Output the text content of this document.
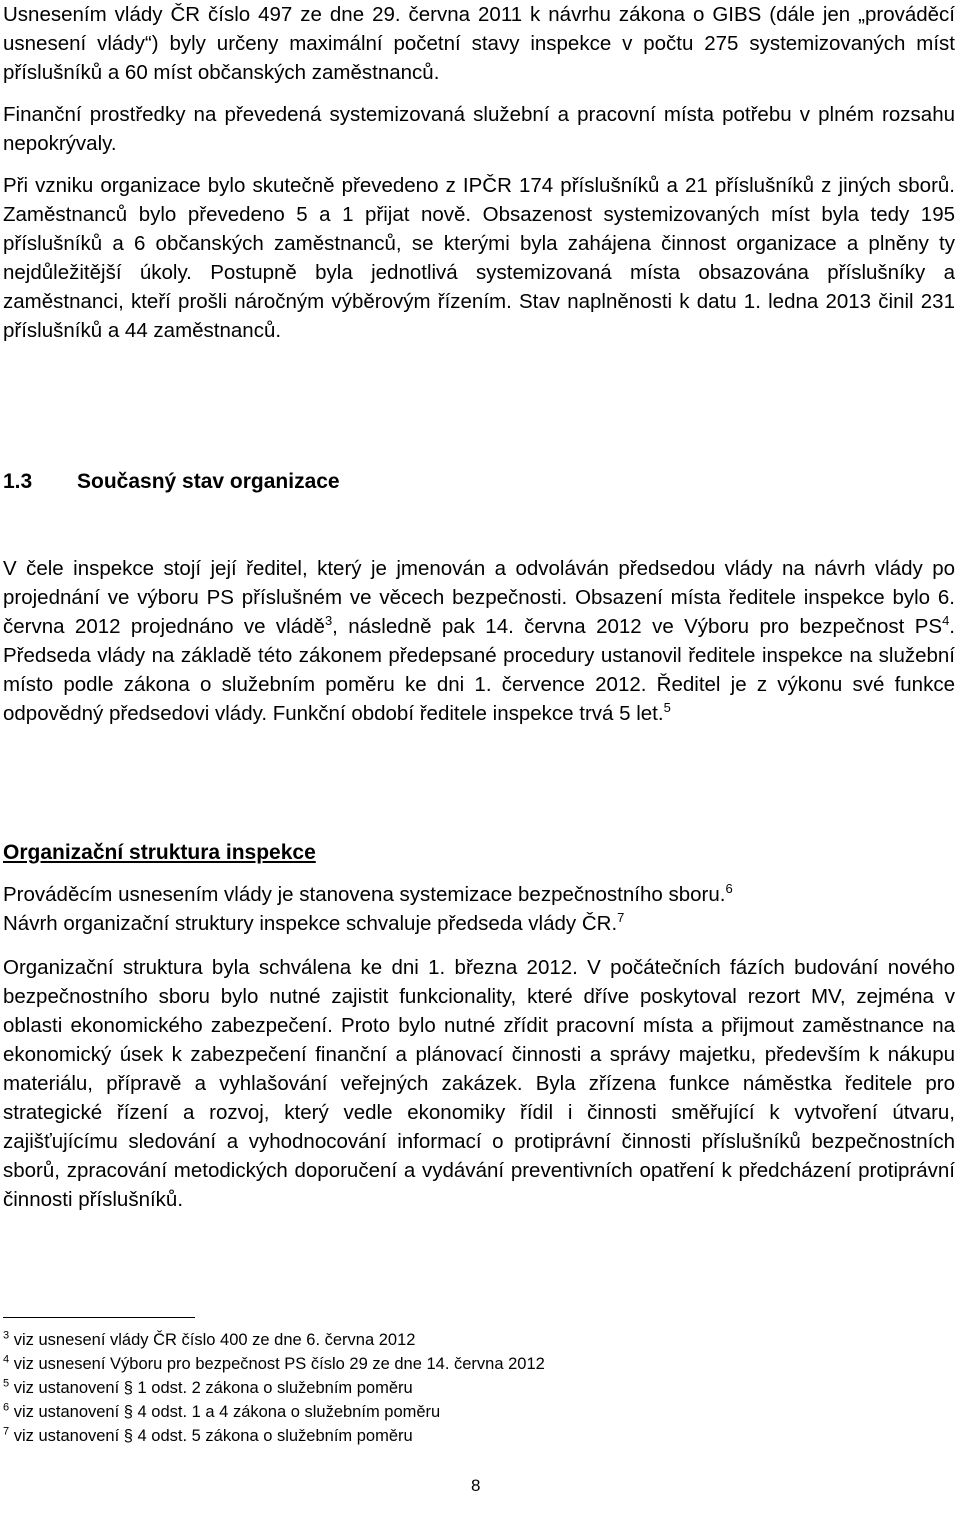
Usnesením vlády ČR číslo 497 ze dne 29. června 2011 k návrhu zákona o GIBS (dále jen „prováděcí usnesení vlády“) byly určeny maximální početní stavy inspekce v počtu 275 systemizovaných míst příslušníků a 60 míst občanských zaměstnanců.

Finanční prostředky na převedená systemizovaná služební a pracovní místa potřebu v plném rozsahu nepokrývaly.

Při vzniku organizace bylo skutečně převedeno z IPČR 174 příslušníků a 21 příslušníků z jiných sborů. Zaměstnanců bylo převedeno 5 a 1 přijat nově. Obsazenost systemizovaných míst byla tedy 195 příslušníků a 6 občanských zaměstnanců, se kterými byla zahájena činnost organizace a plněny ty nejdůležitější úkoly. Postupně byla jednotlivá systemizovaná místa obsazována příslušníky a zaměstnanci, kteří prošli náročným výběrovým řízením. Stav naplněnosti k datu 1. ledna 2013 činil 231 příslušníků a 44 zaměstnanců.

1.3 Současný stav organizace

V čele inspekce stojí její ředitel, který je jmenován a odvoláván předsedou vlády na návrh vlády po projednání ve výboru PS příslušném ve věcech bezpečnosti. Obsazení místa ředitele inspekce bylo 6. června 2012 projednáno ve vládě$^3$, následně pak 14. června 2012 ve Výboru pro bezpečnost $PS^4$. Předseda vlády na základě této zákonem předepsané procedury ustanovil ředitele inspekce na služební místo podle zákona o služebním poměru ke dni 1. července 2012. Ředitel je z výkonu své funkce odpovědný předsedovi vlády. Funkční období ředitele inspekce trvá 5 let.$^5$

Organizační struktura inspekce

Prováděcím usnesením vlády je stanovena systemizace bezpečnostního sboru.$^6$
Návrh organizační struktury inspekce schvaluje předseda vlády ČR.$^7$

Organizační struktura byla schválena ke dni 1. března 2012. V počátečních fázích budování nového bezpečnostního sboru bylo nutné zajistit funkcionality, které dříve poskytoval rezort MV, zejména v oblasti ekonomického zabezpečení. Proto bylo nutné zřídit pracovní místa a přijmout zaměstnance na ekonomický úsek k zabezpečení finanční a plánovací činnosti a správy majetku, především k nákupu materiálu, přípravě a vyhlašování veřejných zakázek. Byla zřízena funkce náměstka ředitele pro strategické řízení a rozvoj, který vedle ekonomiky řídil i činnosti směřující k vytvoření útvaru, zajišťujícímu sledování a vyhodnocování informací o protiprávní činnosti příslušníků bezpečnostních sborů, zpracování metodických doporučení a vydávání preventivních opatření k předcházení protiprávní činnosti příslušníků.

$^3$ viz usnesení vlády ČR číslo 400 ze dne 6. června 2012

$^4$ viz usnesení Výboru pro bezpečnost PS číslo 29 ze dne 14. června 2012

$^5$ viz ustanovení § 1 odst. 2 zákona o služebním poměru

$^6$ viz ustanovení § 4 odst. 1 a 4 zákona o služebním poměru

$^7$ viz ustanovení § 4 odst. 5 zákona o služebním poměru

8
